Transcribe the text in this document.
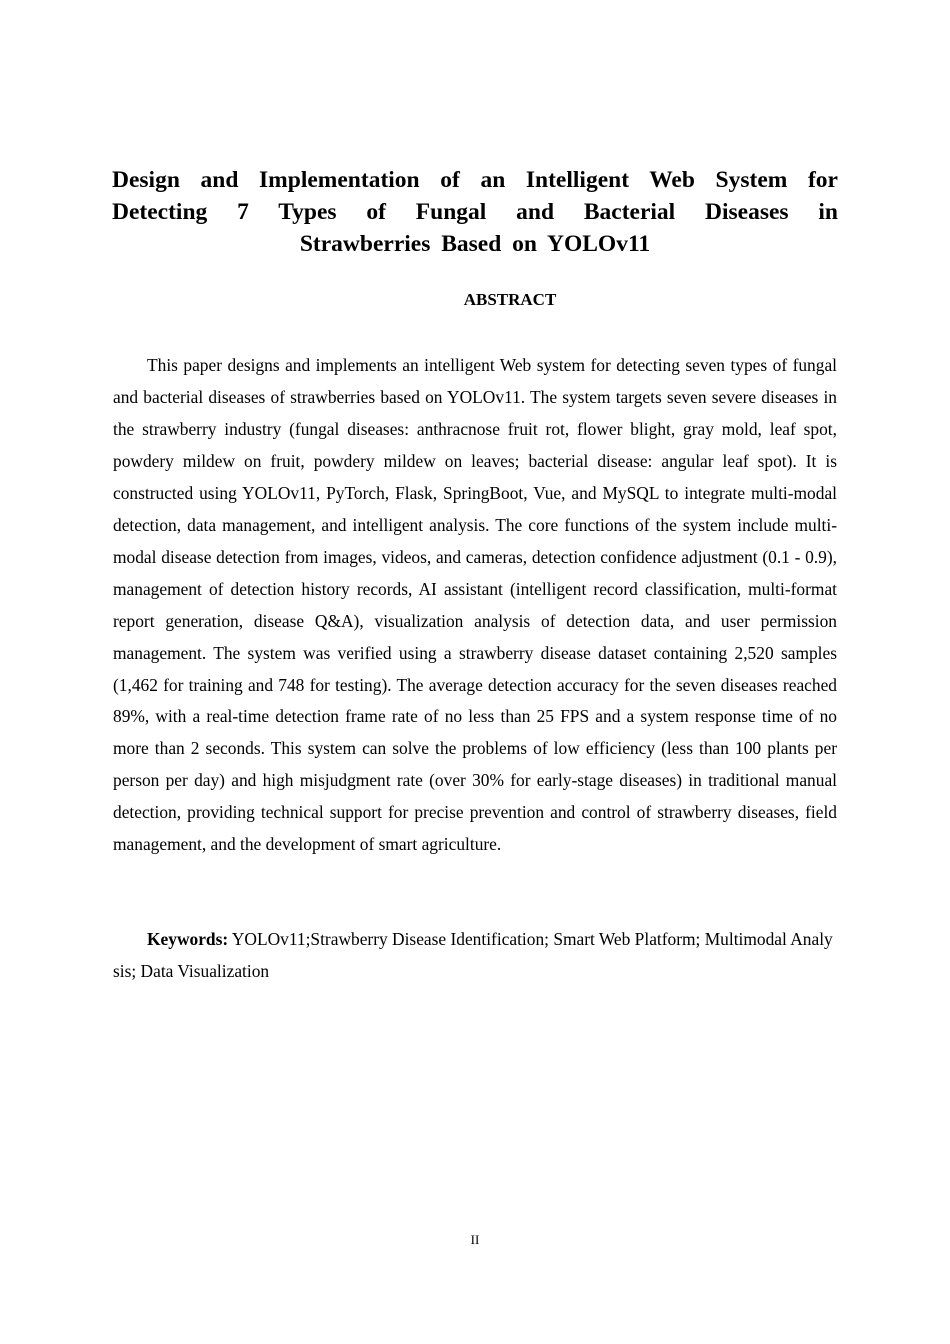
Design and Implementation of an Intelligent Web System for
Detecting 7 Types of Fungal and Bacterial Diseases in
Strawberries Based on YOLOv11
ABSTRACT

This paper designs and implements an intelligent Web system for detecting seven types of fungal and bacterial diseases of strawberries based on YOLOv11. The system targets seven severe diseases in the strawberry industry (fungal diseases: anthracnose fruit rot, flower blight, gray mold, leaf spot, powdery mildew on fruit, powdery mildew on leaves; bacterial disease: angular leaf spot). It is constructed using YOLOv11, PyTorch, Flask, SpringBoot, Vue, and MySQL to integrate multi-modal detection, data management, and intelligent analysis. The core functions of the system include multi-modal disease detection from images, videos, and cameras, detection confidence adjustment (0.1 - 0.9), management of detection history records, AI assistant (intelligent record classification, multi-format report generation, disease Q&A), visualization analysis of detection data, and user permission management. The system was verified using a strawberry disease dataset containing 2,520 samples (1,462 for training and 748 for testing). The average detection accuracy for the seven diseases reached 89%, with a real-time detection frame rate of no less than 25 FPS and a system response time of no more than 2 seconds. This system can solve the problems of low efficiency (less than 100 plants per person per day) and high misjudgment rate (over 30% for early-stage diseases) in traditional manual detection, providing technical support for precise prevention and control of strawberry diseases, field management, and the development of smart agriculture.

Keywords: YOLOv11;Strawberry Disease Identification; Smart Web Platform; Multimodal Analysis; Data Visualization

II
